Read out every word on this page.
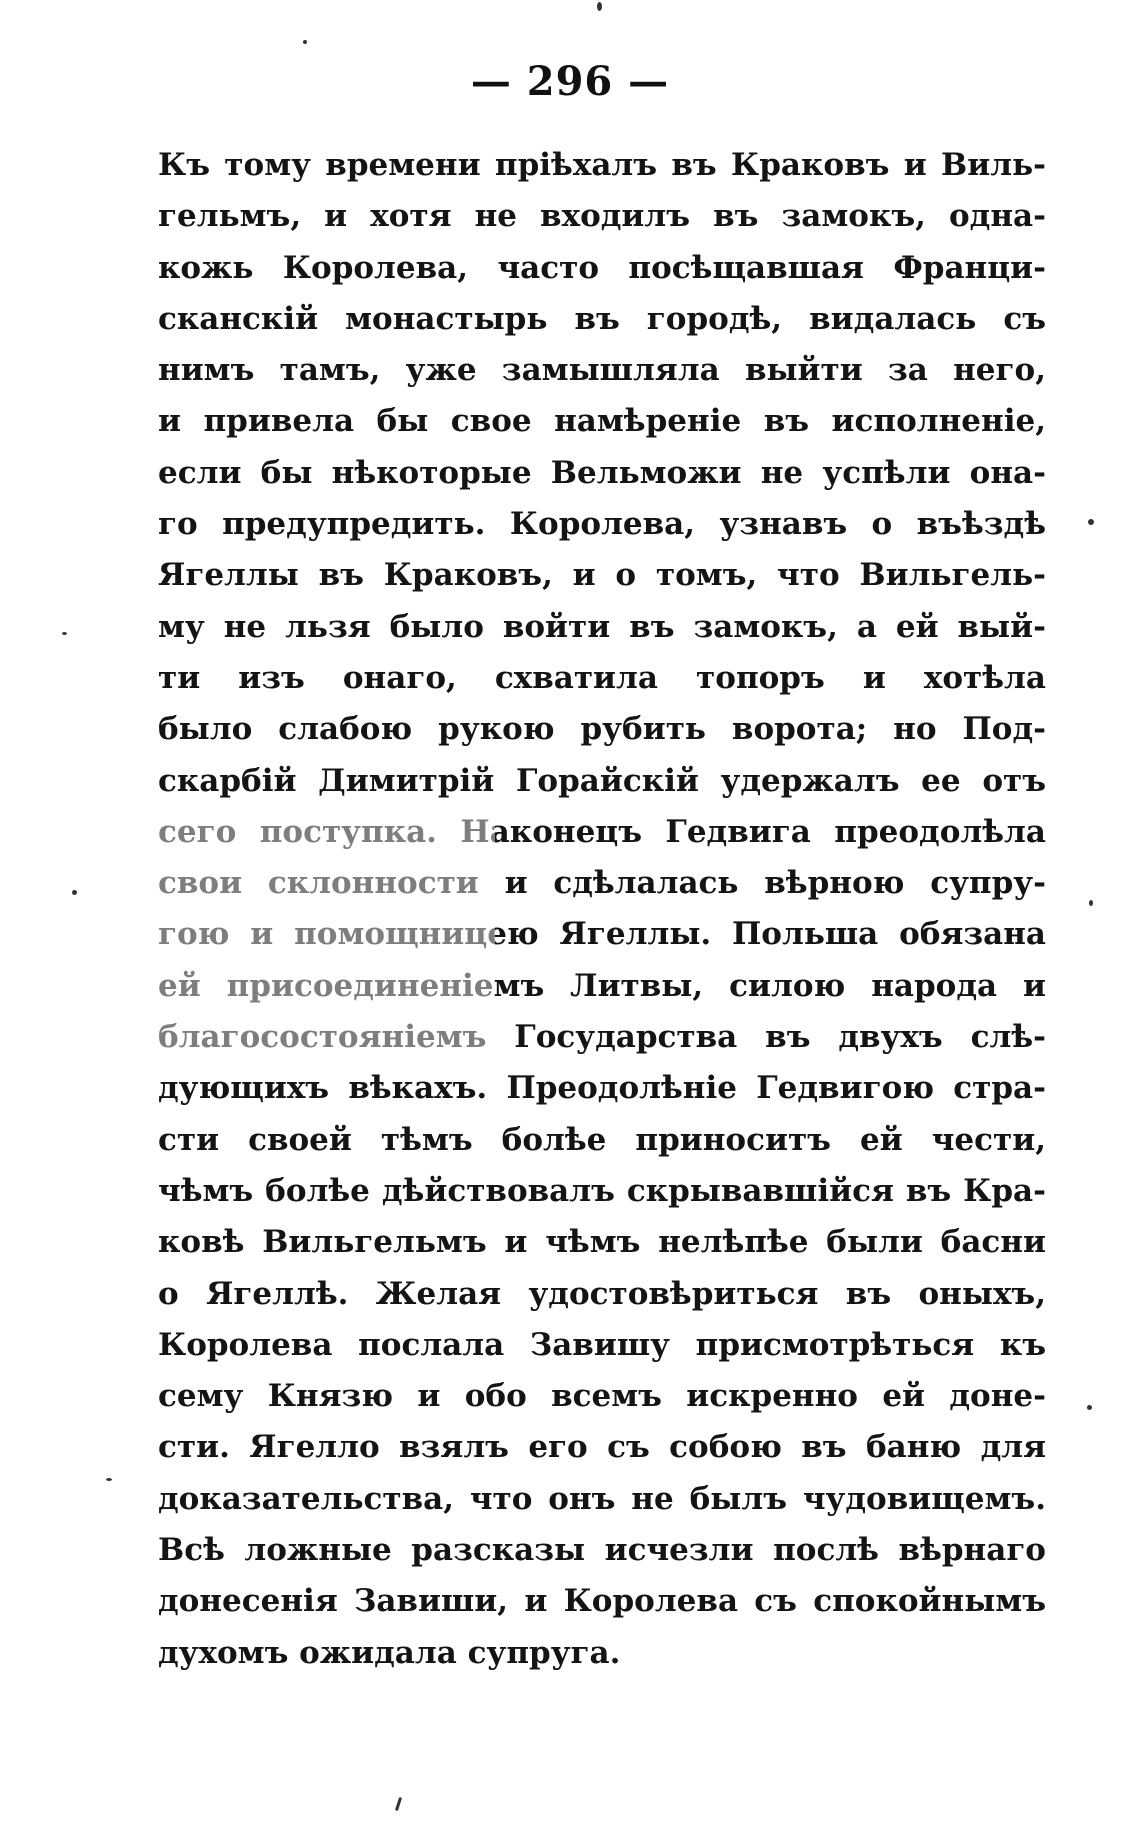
— 296 —
Къ тому времени пріѣхалъ въ Краковъ и Виль-
гельмъ, и хотя не входилъ въ замокъ, одна-
кожь Королева, часто посѣщавшая Франци-
сканскій монастырь въ городѣ, видалась съ
нимъ тамъ, уже замышляла выйти за него,
и привела бы свое намѣреніе въ исполненіе,
если бы нѣкоторые Вельможи не успѣли она-
го предупредить. Королева, узнавъ о въѣздѣ
Ягеллы въ Краковъ, и о томъ, что Вильгель-
му не льзя было войти въ замокъ, а ей вый-
ти изъ онаго, схватила топоръ и хотѣла
было слабою рукою рубить ворота; но Под-
скарбій Димитрій Горайскій удержалъ ее отъ
сего поступка. Наконецъ Гедвига преодолѣла
свои склонности и сдѣлалась вѣрною супру-
гою и помощницею Ягеллы. Польша обязана
ей присоединеніемъ Литвы, силою народа и
благосостояніемъ Государства въ двухъ слѣ-
дующихъ вѣкахъ. Преодолѣніе Гедвигою стра-
сти своей тѣмъ болѣе приноситъ ей чести,
чѣмъ болѣе дѣйствовалъ скрывавшійся въ Кра-
ковѣ Вильгельмъ и чѣмъ нелѣпѣе были басни
о Ягеллѣ. Желая удостовѣриться въ оныхъ,
Королева послала Завишу присмотрѣться къ
сему Князю и обо всемъ искренно ей доне-
сти. Ягелло взялъ его съ собою въ баню для
доказательства, что онъ не былъ чудовищемъ.
Всѣ ложные разсказы исчезли послѣ вѣрнаго
донесенія Завиши, и Королева съ спокойнымъ
духомъ ожидала супруга.
